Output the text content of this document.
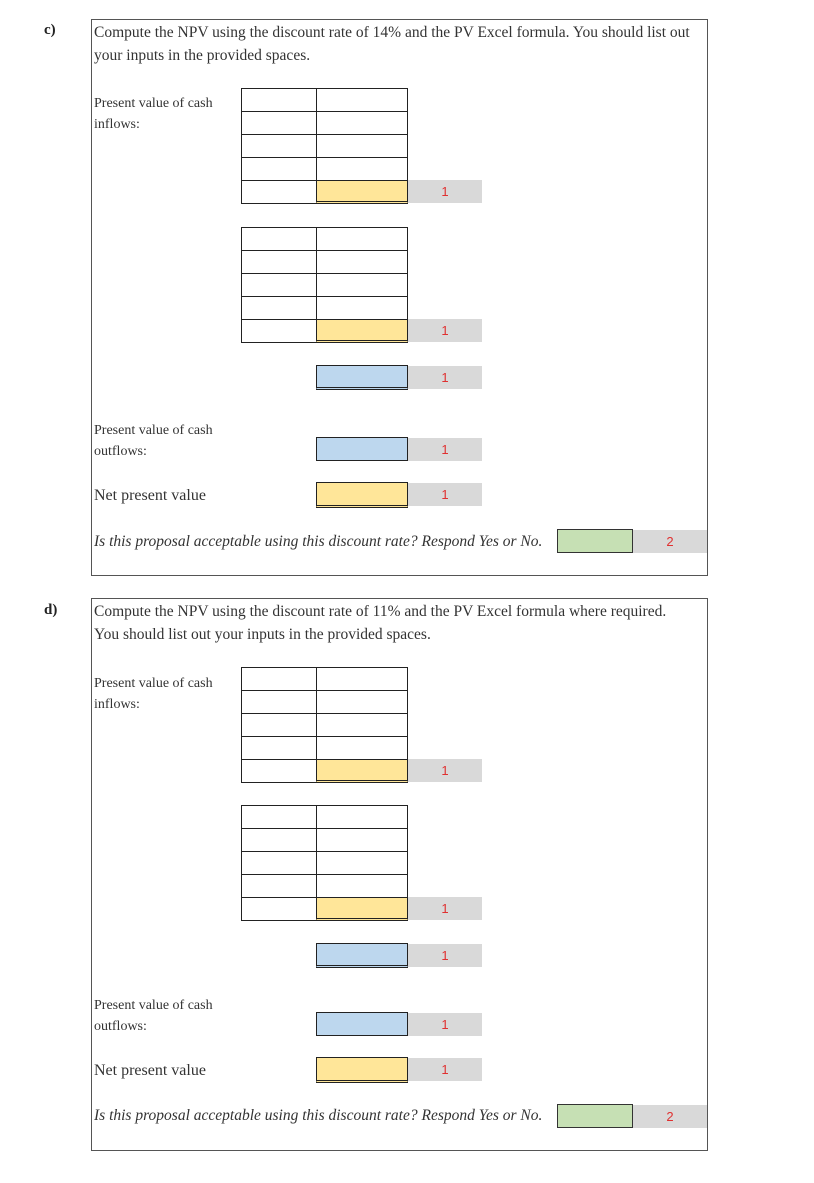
c) Compute the NPV using the discount rate of 14% and the PV Excel formula. You should list out your inputs in the provided spaces.
Present value of cash inflows:
1
1
1
Present value of cash outflows:	1
Net present value	1
Is this proposal acceptable using this discount rate? Respond Yes or No.	2
d) Compute the NPV using the discount rate of 11% and the PV Excel formula where required. You should list out your inputs in the provided spaces.
Present value of cash inflows:
1
1
1
Present value of cash outflows:	1
Net present value	1
Is this proposal acceptable using this discount rate? Respond Yes or No.	2
